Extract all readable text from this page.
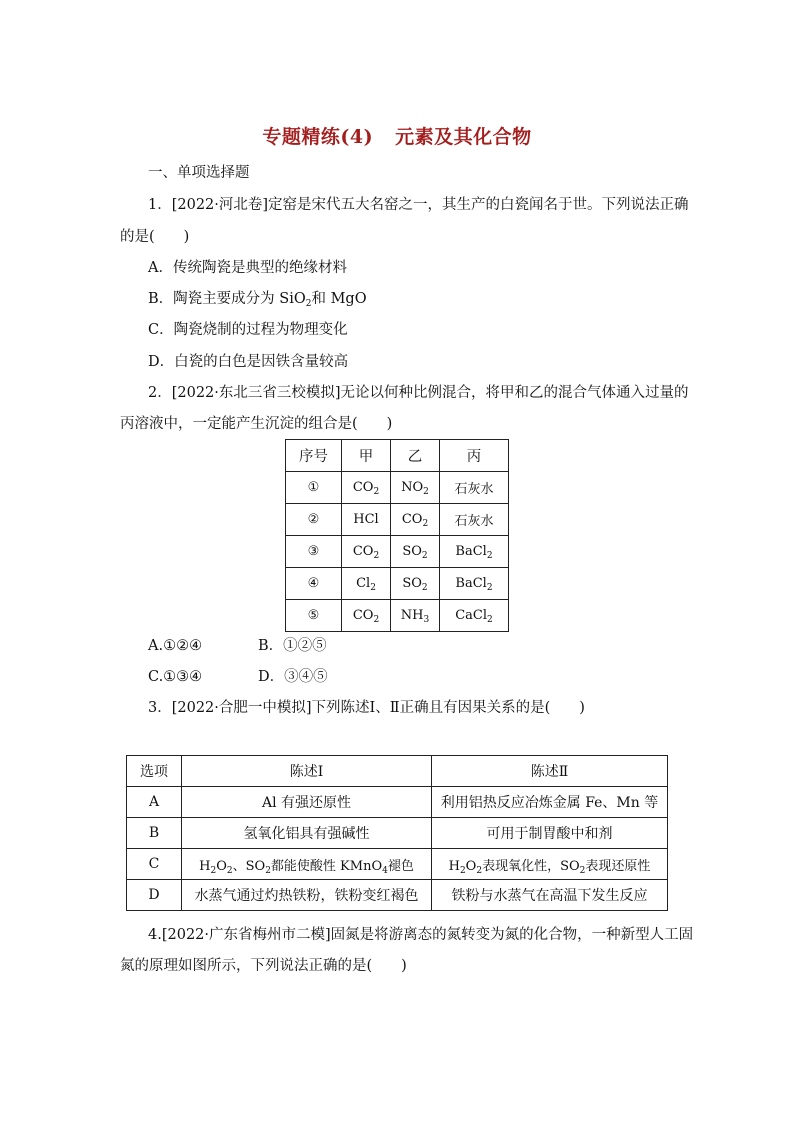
专题精练(4) 元素及其化合物
一、单项选择题
1．[2022·河北卷]定窑是宋代五大名窑之一，其生产的白瓷闻名于世。下列说法正确
的是(　　)
A．传统陶瓷是典型的绝缘材料
B．陶瓷主要成分为 SiO$_2$和 MgO
C．陶瓷烧制的过程为物理变化
D．白瓷的白色是因铁含量较高
2．[2022·东北三省三校模拟]无论以何种比例混合，将甲和乙的混合气体通入过量的
丙溶液中，一定能产生沉淀的组合是(　　)
序号	甲	乙	丙
①	$CO_2$	$NO_2$	石灰水
②	HCl	$CO_2$	石灰水
③	$CO_2$	$SO_2$	BaCl$_2$
④	$Cl_2$	$SO_2$	BaCl$_2$
⑤	$CO_2$	$NH_3$	CaCl$_2$
A.①②④	B．①②⑤
C.①③④	D．③④⑤
3．[2022·合肥一中模拟]下列陈述Ⅰ、Ⅱ正确且有因果关系的是(　　)
选项	陈述Ⅰ	陈述Ⅱ
A	Al 有强还原性	利用铝热反应冶炼金属 Fe、Mn 等
B	氢氧化铝具有强碱性	可用于制胃酸中和剂
C	$H_2O_2$、$SO_2$都能使酸性 KMnO$_4$褪色	$H_2O_2$表现氧化性，$SO_2$表现还原性
D	水蒸气通过灼热铁粉，铁粉变红褐色	铁粉与水蒸气在高温下发生反应
4.[2022·广东省梅州市二模]固氮是将游离态的氮转变为氮的化合物，一种新型人工固
氮的原理如图所示，下列说法正确的是(　　)
